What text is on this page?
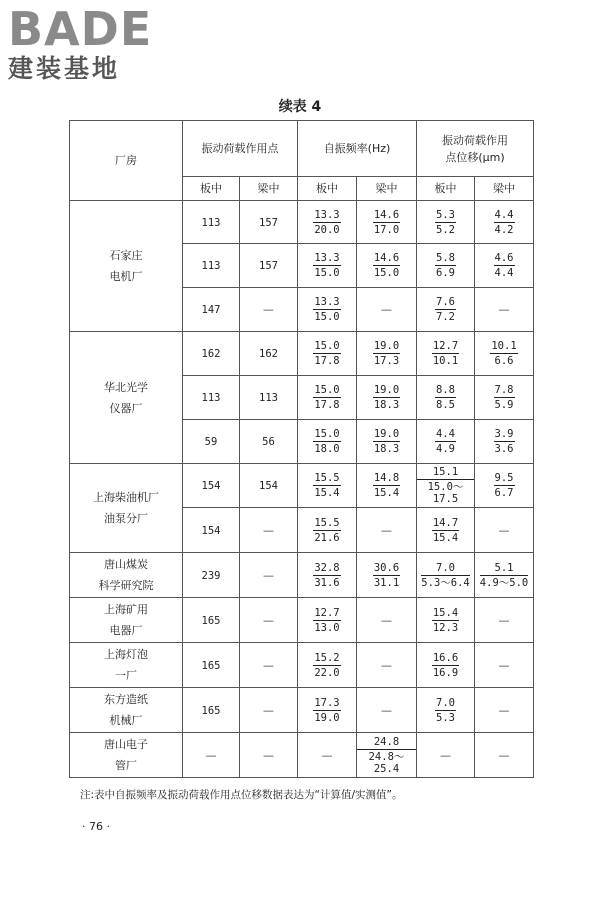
BADE
建装基地
续表 4
厂房	振动荷载作用点		自振频率(Hz)		振动荷载作用
点位移(μm)	
	板中	梁中	板中	梁中	板中	梁中
石家庄
电机厂	113	157	$\frac{13.3}{20.0}$	$\frac{14.6}{17.0}$	$\frac{5.3}{5.2}$	$\frac{4.4}{4.2}$

	113	157	$\frac{13.3}{15.0}$	$\frac{14.6}{15.0}$	$\frac{5.8}{6.9}$	$\frac{4.6}{4.4}$

	147	—	$\frac{13.3}{15.0}$	—	$\frac{7.6}{7.2}$	—
华北光学
仪器厂	162	162	$\frac{15.0}{17.8}$	$\frac{19.0}{17.3}$	$\frac{12.7}{10.1}$	$\frac{10.1}{6.6}$

	113	113	$\frac{15.0}{17.8}$	$\frac{19.0}{18.3}$	$\frac{8.8}{8.5}$	$\frac{7.8}{5.9}$

	59	56	$\frac{15.0}{18.0}$	$\frac{19.0}{18.3}$	$\frac{4.4}{4.9}$	$\frac{3.9}{3.6}$

上海柴油机厂
油泵分厂	154	154	$\frac{15.5}{15.4}$	$\frac{14.8}{15.4}$	$\frac{15.1}{15.0\sim 17.5}$	$\frac{9.5}{6.7}$

	154	—	$\frac{15.5}{21.6}$	—	$\frac{14.7}{15.4}$	—
唐山煤炭
科学研究院	239	—	$\frac{32.8}{31.6}$	$\frac{30.6}{31.1}$	$\frac{7.0}{5.3\sim 6.4}$	$\frac{5.1}{4.9\sim 5.0}$

上海矿用
电器厂	165	—	$\frac{12.7}{13.0}$	—	$\frac{15.4}{12.3}$	—
上海灯泡
一厂	165	—	$\frac{15.2}{22.0}$	—	$\frac{16.6}{16.9}$	—
东方造纸
机械厂	165	—	$\frac{17.3}{19.0}$	—	$\frac{7.0}{5.3}$	—
唐山电子
管厂	—	—	—	$\frac{24.8}{24.8\sim 25.4}$	—	—
注:表中自振频率及振动荷载作用点位移数据表达为“计算值/实测值”。
· 76 ·
